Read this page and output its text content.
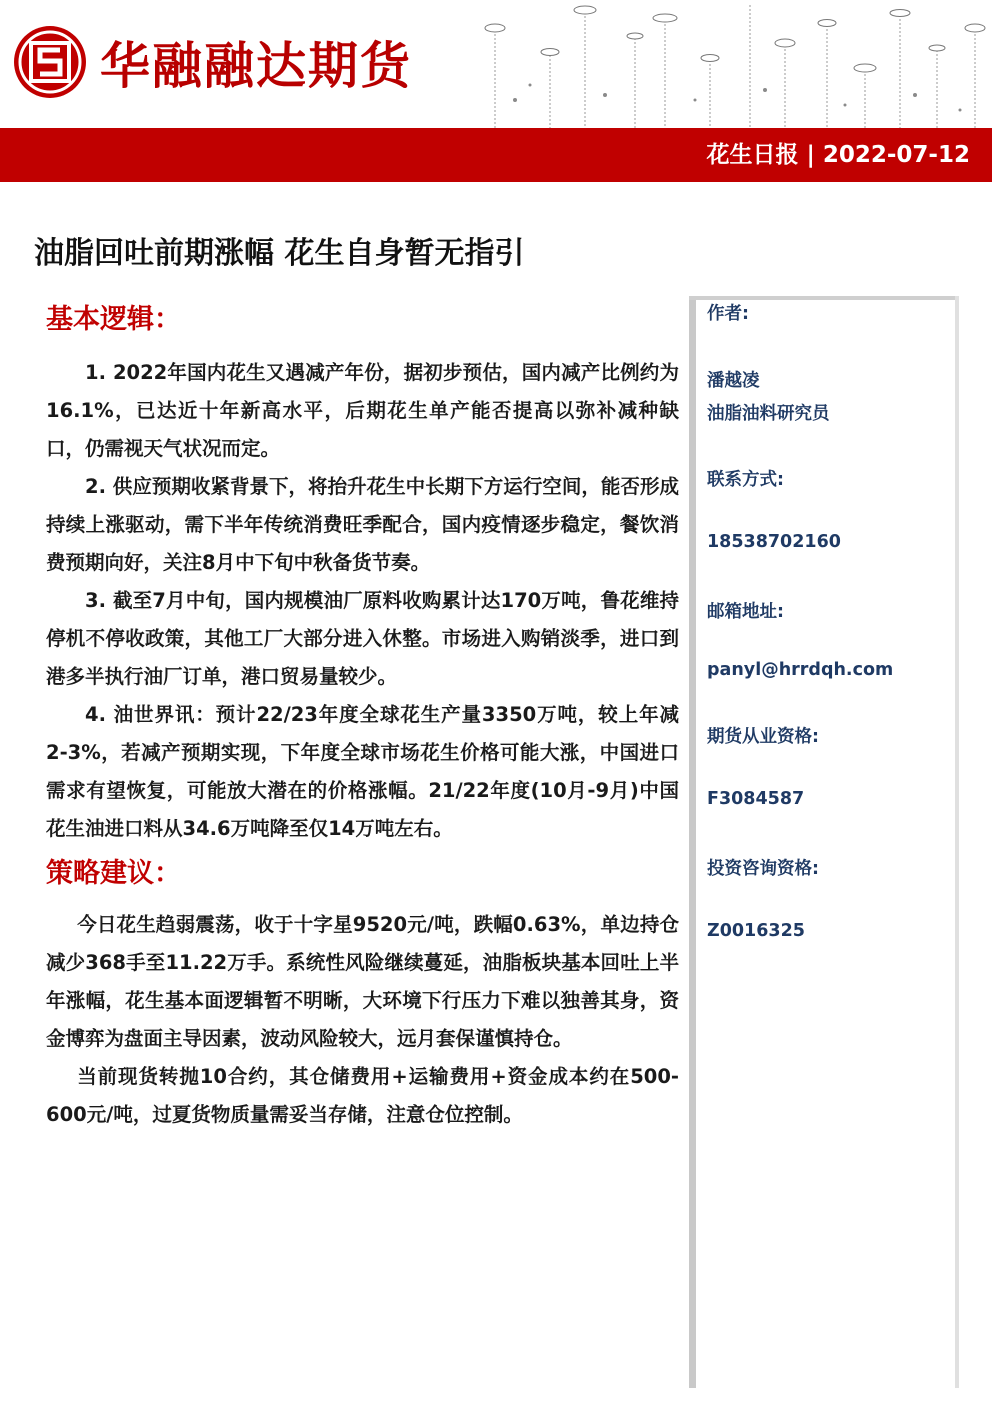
华融融达期货
花生日报 | 2022-07-12
油脂回吐前期涨幅 花生自身暂无指引
基本逻辑：

1. 2022年国内花生又遇减产年份，据初步预估，国内减产比例约为16.1%，已达近十年新高水平，后期花生单产能否提高以弥补减种缺口，仍需视天气状况而定。

2. 供应预期收紧背景下，将抬升花生中长期下方运行空间，能否形成持续上涨驱动，需下半年传统消费旺季配合，国内疫情逐步稳定，餐饮消费预期向好，关注8月中下旬中秋备货节奏。

3. 截至7月中旬，国内规模油厂原料收购累计达170万吨，鲁花维持停机不停收政策，其他工厂大部分进入休整。市场进入购销淡季，进口到港多半执行油厂订单，港口贸易量较少。

4. 油世界讯：预计22/23年度全球花生产量3350万吨，较上年减2-3%，若减产预期实现，下年度全球市场花生价格可能大涨，中国进口需求有望恢复，可能放大潜在的价格涨幅。21/22年度(10月-9月)中国花生油进口料从34.6万吨降至仅14万吨左右。

策略建议：

今日花生趋弱震荡，收于十字星9520元/吨，跌幅0.63%，单边持仓减少368手至11.22万手。系统性风险继续蔓延，油脂板块基本回吐上半年涨幅，花生基本面逻辑暂不明晰，大环境下行压力下难以独善其身，资金博弈为盘面主导因素，波动风险较大，远月套保谨慎持仓。

当前现货转抛10合约，其仓储费用+运输费用+资金成本约在500-600元/吨，过夏货物质量需妥当存储，注意仓位控制。

作者:
潘越凌
油脂油料研究员
联系方式:
18538702160
邮箱地址:
panyl@hrrdqh.com
期货从业资格:
F3084587
投资咨询资格:
Z0016325
